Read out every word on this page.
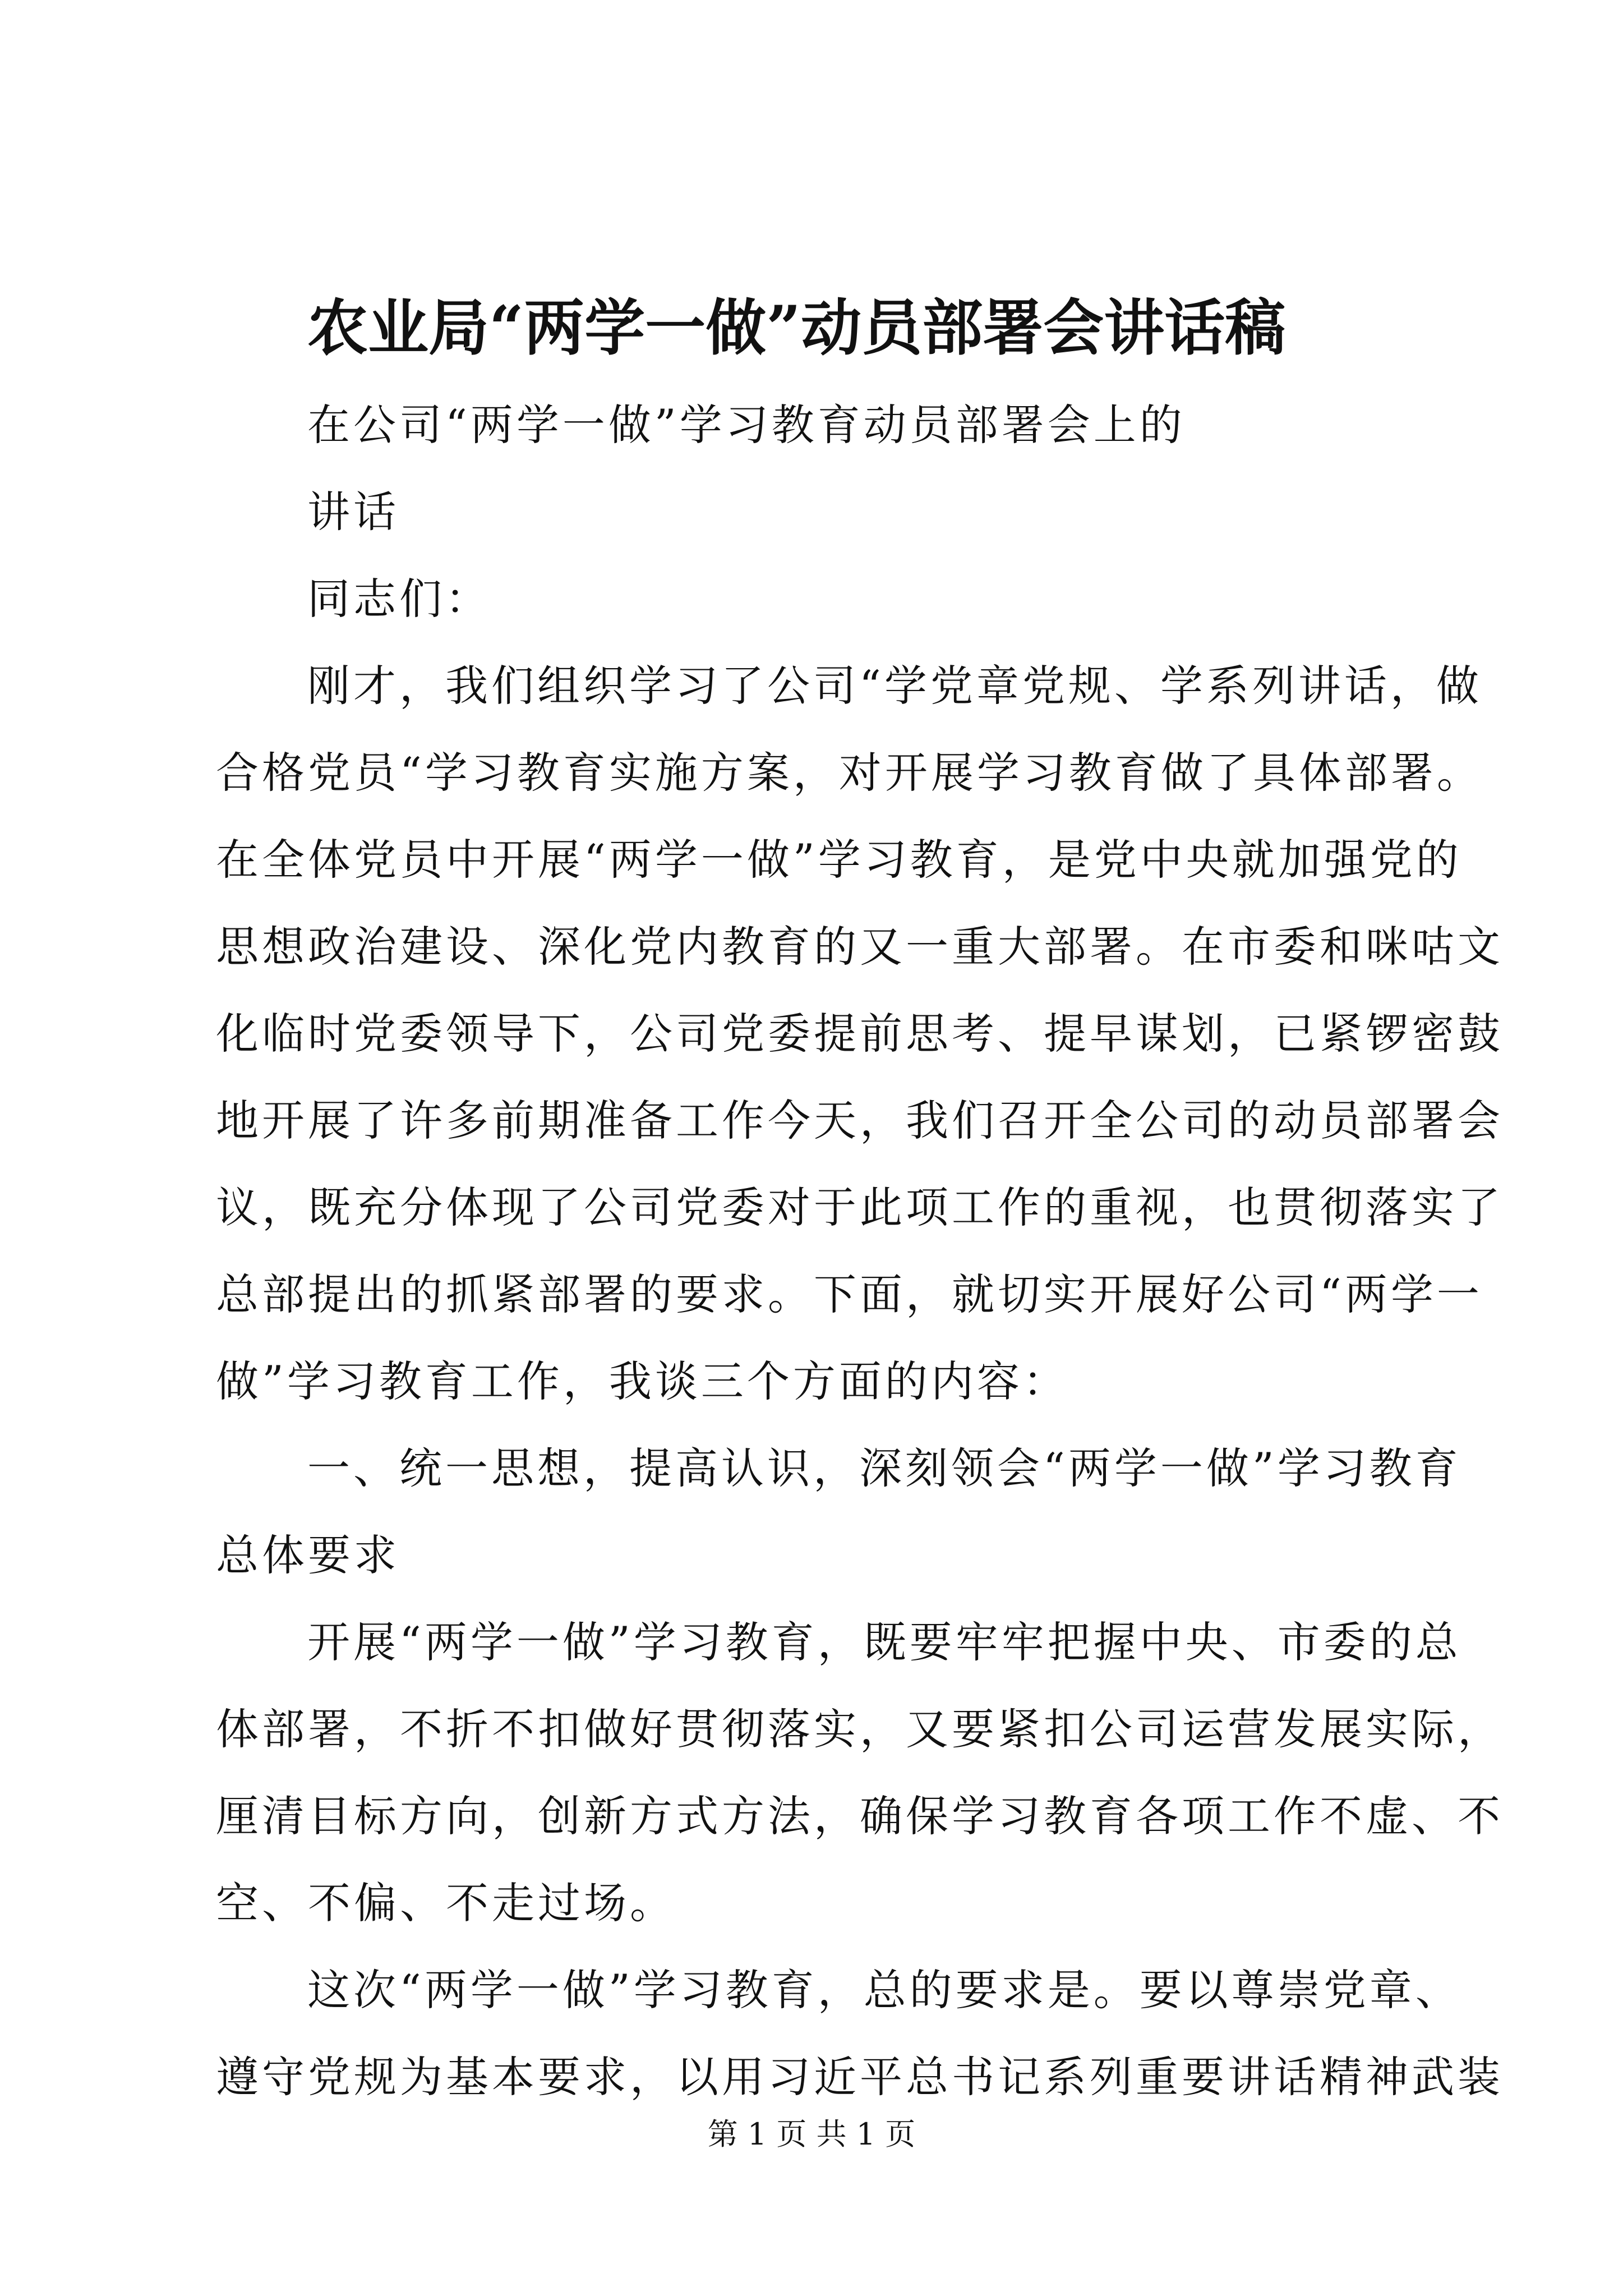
农业局“两学一做”动员部署会讲话稿
在公司“两学一做”学习教育动员部署会上的
讲话
同志们：
刚才，我们组织学习了公司“学党章党规、学系列讲话，做
合格党员“学习教育实施方案，对开展学习教育做了具体部署。
在全体党员中开展“两学一做”学习教育，是党中央就加强党的
思想政治建设、深化党内教育的又一重大部署。在市委和咪咕文
化临时党委领导下，公司党委提前思考、提早谋划，已紧锣密鼓
地开展了许多前期准备工作今天，我们召开全公司的动员部署会
议，既充分体现了公司党委对于此项工作的重视，也贯彻落实了
总部提出的抓紧部署的要求。下面，就切实开展好公司“两学一
做”学习教育工作，我谈三个方面的内容：
一、统一思想，提高认识，深刻领会“两学一做”学习教育
总体要求
开展“两学一做”学习教育，既要牢牢把握中央、市委的总
体部署，不折不扣做好贯彻落实，又要紧扣公司运营发展实际，
厘清目标方向，创新方式方法，确保学习教育各项工作不虚、不
空、不偏、不走过场。
这次“两学一做”学习教育，总的要求是。要以尊崇党章、
遵守党规为基本要求，以用习近平总书记系列重要讲话精神武装
第 1 页 共 1 页
